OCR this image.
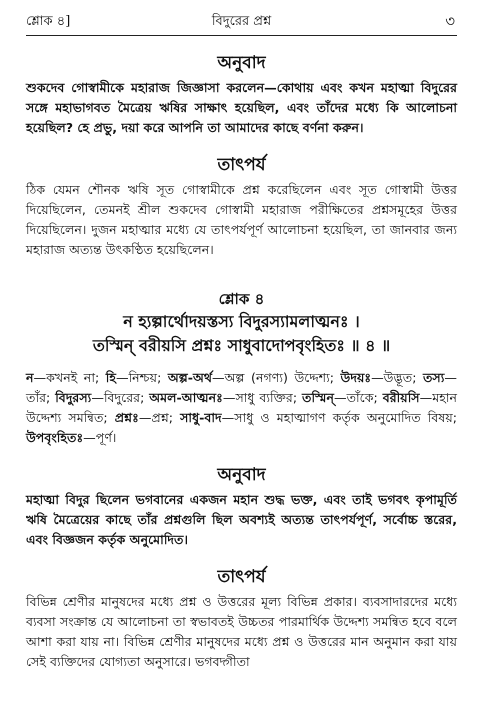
শ্লোক ৪]	বিদুরের প্রশ্ন	৩
অনুবাদ

শুকদেব গোস্বামীকে মহারাজ জিজ্ঞাসা করলেন—কোথায় এবং কখন মহাত্মা বিদুরের সঙ্গে মহাভাগবত মৈত্রেয় ঋষির সাক্ষাৎ হয়েছিল, এবং তাঁদের মধ্যে কি আলোচনা হয়েছিল? হে প্রভু, দয়া করে আপনি তা আমাদের কাছে বর্ণনা করুন।

তাৎপর্য

ঠিক যেমন শৌনক ঋষি সূত গোস্বামীকে প্রশ্ন করেছিলেন এবং সূত গোস্বামী উত্তর দিয়েছিলেন, তেমনই শ্রীল শুকদেব গোস্বামী মহারাজ পরীক্ষিতের প্রশ্নসমূহের উত্তর দিয়েছিলেন। দুজন মহাত্মার মধ্যে যে তাৎপর্যপূর্ণ আলোচনা হয়েছিল, তা জানবার জন্য মহারাজ অত্যন্ত উৎকণ্ঠিত হয়েছিলেন।

শ্লোক ৪

ন হ্যল্পার্থোদয়স্তস্য বিদুরস্যামলাত্মনঃ ।

তস্মিন্ বরীয়সি প্রশ্নঃ সাধুবাদোপবৃংহিতঃ ॥ ৪ ॥

ন—কখনই না; হি—নিশ্চয়; অল্প-অর্থ—অল্প (নগণ্য) উদ্দেশ্য; উদয়ঃ—উদ্ভূত; তস্য—তাঁর; বিদুরস্য—বিদুরের; অমল-আত্মনঃ—সাধু ব্যক্তির; তস্মিন্—তাঁকে; বরীয়সি—মহান উদ্দেশ্য সমন্বিত; প্রশ্নঃ—প্রশ্ন; সাধু-বাদ—সাধু ও মহাত্মাগণ কর্তৃক অনুমোদিত বিষয়; উপবৃংহিতঃ—পূর্ণ।

অনুবাদ

মহাত্মা বিদুর ছিলেন ভগবানের একজন মহান শুদ্ধ ভক্ত, এবং তাই ভগবৎ কৃপামূর্তি ঋষি মৈত্রেয়ের কাছে তাঁর প্রশ্নগুলি ছিল অবশ্যই অত্যন্ত তাৎপর্যপূর্ণ, সর্বোচ্চ স্তরের, এবং বিজ্ঞজন কর্তৃক অনুমোদিত।

তাৎপর্য

বিভিন্ন শ্রেণীর মানুষদের মধ্যে প্রশ্ন ও উত্তরের মূল্য বিভিন্ন প্রকার। ব্যবসাদারদের মধ্যে ব্যবসা সংক্রান্ত যে আলোচনা তা স্বভাবতই উচ্চতর পারমার্থিক উদ্দেশ্য সমন্বিত হবে বলে আশা করা যায় না। বিভিন্ন শ্রেণীর মানুষদের মধ্যে প্রশ্ন ও উত্তরের মান অনুমান করা যায় সেই ব্যক্তিদের যোগ্যতা অনুসারে। ভগবদ্গীতা
